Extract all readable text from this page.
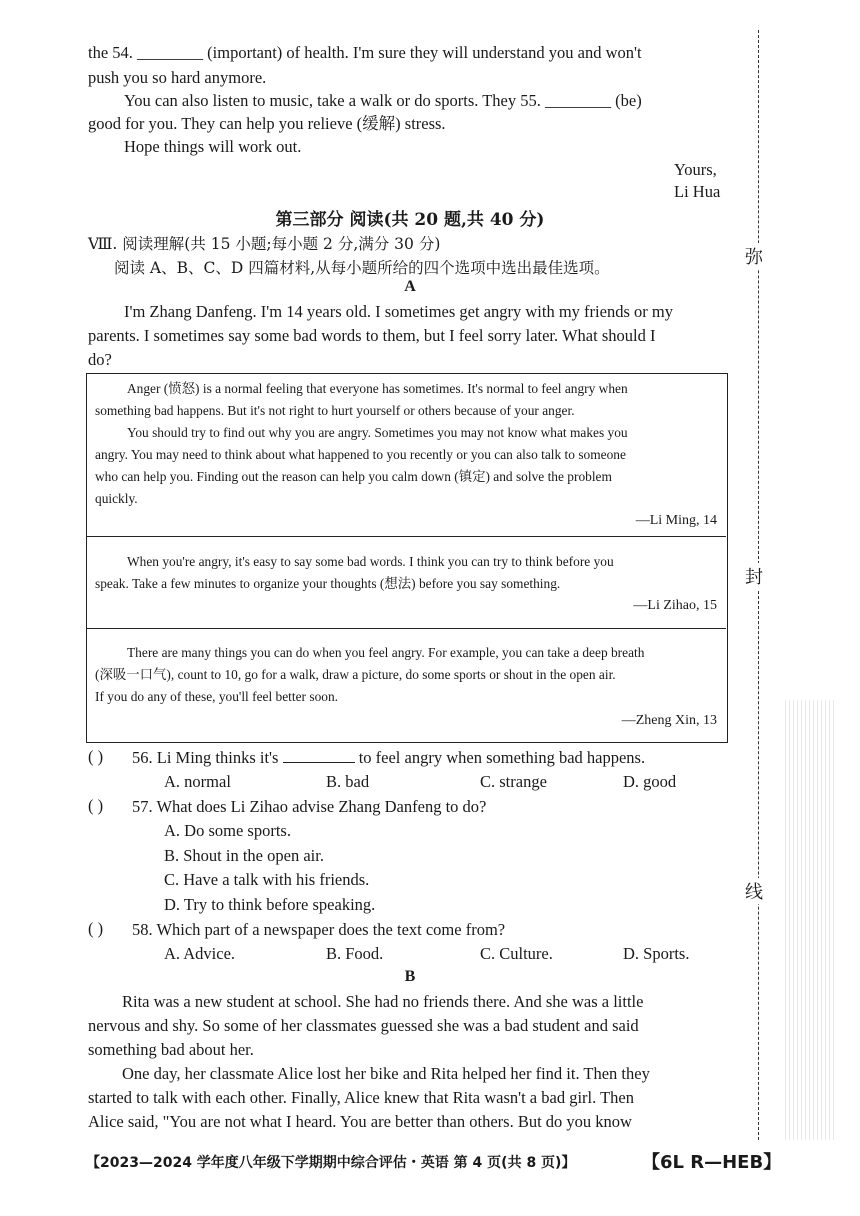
the 54. ________ (important) of health. I'm sure they will understand you and won't
push you so hard anymore.
You can also listen to music, take a walk or do sports. They 55. ________ (be)
good for you. They can help you relieve (缓解) stress.
Hope things will work out.
Yours,
Li Hua
第三部分 阅读(共 20 题,共 40 分)
Ⅷ. 阅读理解(共 15 小题;每小题 2 分,满分 30 分)
阅读 A、B、C、D 四篇材料,从每小题所给的四个选项中选出最佳选项。
A
I'm Zhang Danfeng. I'm 14 years old. I sometimes get angry with my friends or my
parents. I sometimes say some bad words to them, but I feel sorry later. What should I
do?
Anger (愤怒) is a normal feeling that everyone has sometimes. It's normal to feel angry when
something bad happens. But it's not right to hurt yourself or others because of your anger.
You should try to find out why you are angry. Sometimes you may not know what makes you
angry. You may need to think about what happened to you recently or you can also talk to someone
who can help you. Finding out the reason can help you calm down (镇定) and solve the problem
quickly.
—Li Ming, 14
When you're angry, it's easy to say some bad words. I think you can try to think before you
speak. Take a few minutes to organize your thoughts (想法) before you say something.
—Li Zihao, 15
There are many things you can do when you feel angry. For example, you can take a deep breath
(深吸一口气), count to 10, go for a walk, draw a picture, do some sports or shout in the open air.
If you do any of these, you'll feel better soon.
—Zheng Xin, 13
( ) 56. Li Ming thinks it's	to feel angry when something bad happens.
A. normal	B. bad	C. strange	D. good
( ) 57. What does Li Zihao advise Zhang Danfeng to do?
A. Do some sports.
B. Shout in the open air.
C. Have a talk with his friends.
D. Try to think before speaking.
( ) 58. Which part of a newspaper does the text come from?
A. Advice.	B. Food.	C. Culture.	D. Sports.
B
Rita was a new student at school. She had no friends there. And she was a little
nervous and shy. So some of her classmates guessed she was a bad student and said
something bad about her.
One day, her classmate Alice lost her bike and Rita helped her find it. Then they
started to talk with each other. Finally, Alice knew that Rita wasn't a bad girl. Then
Alice said, "You are not what I heard. You are better than others. But do you know
弥
封
线
【2023—2024 学年度八年级下学期期中综合评估・英语 第 4 页(共 8 页)】	【6L R—HEB】
